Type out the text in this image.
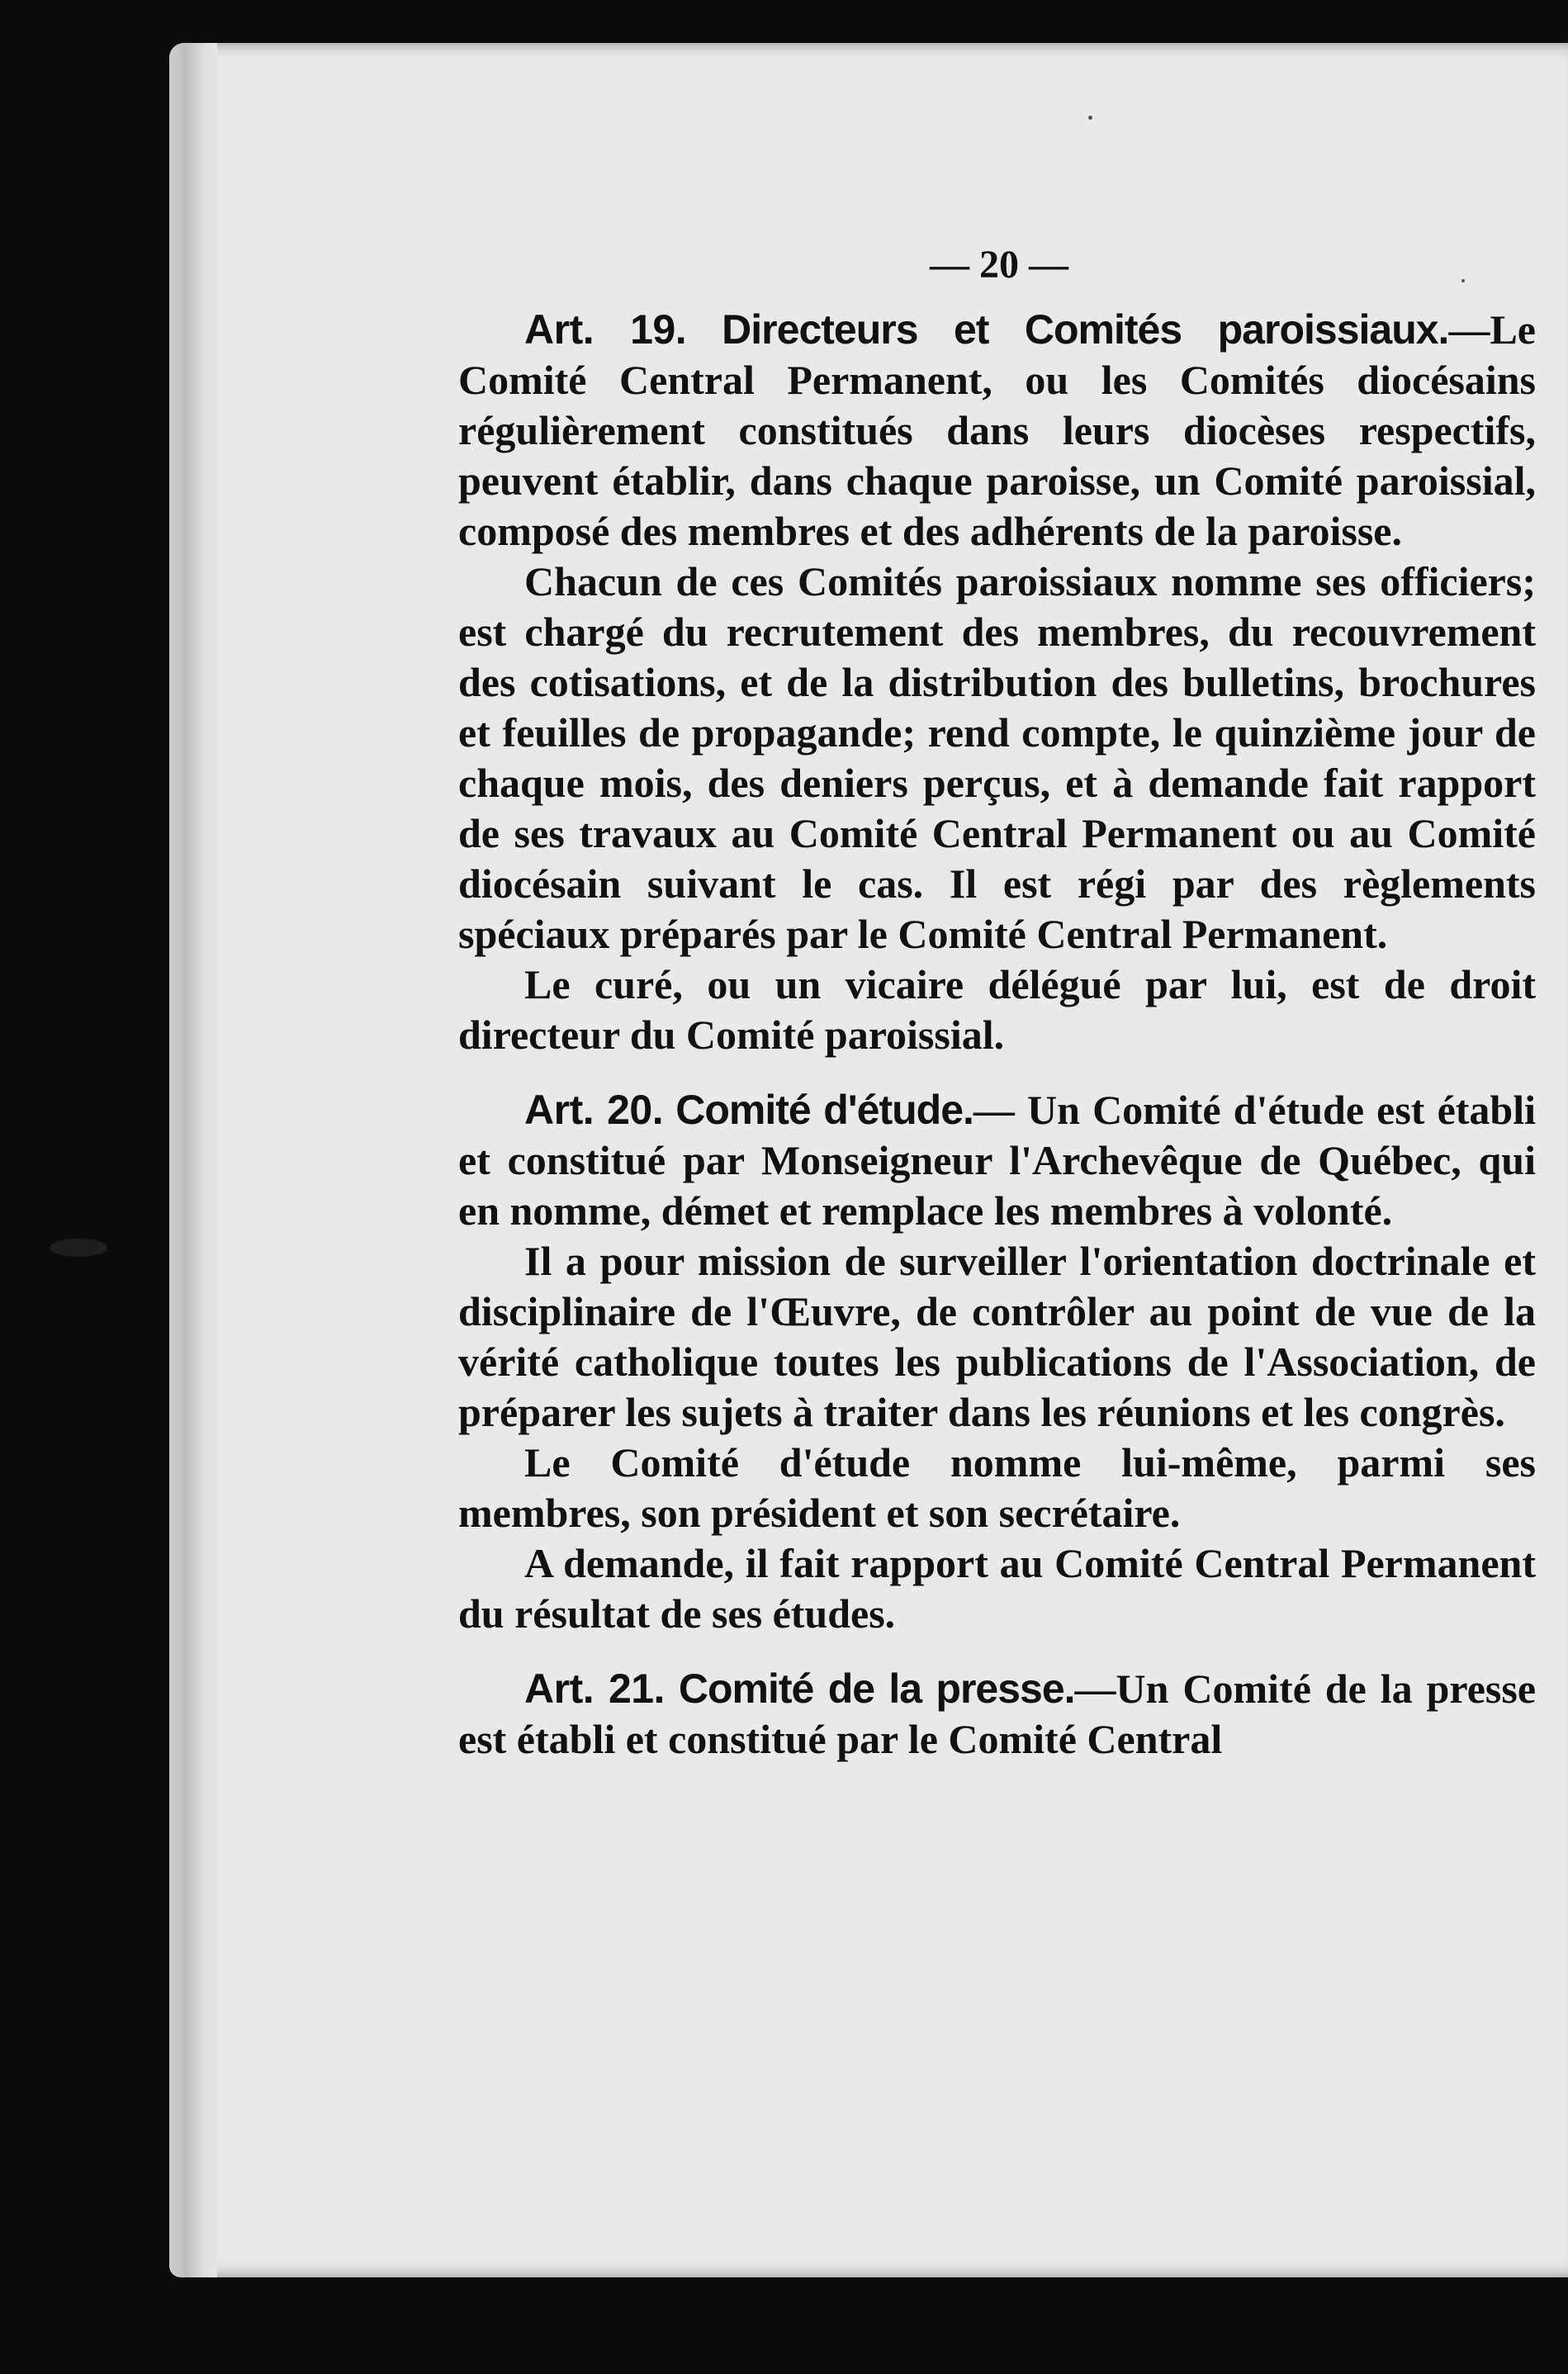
— 20 —

Art. 19. Directeurs et Comités paroissiaux.—Le Comité Central Permanent, ou les Comités diocésains régulièrement constitués dans leurs diocèses respectifs, peuvent établir, dans chaque paroisse, un Comité paroissial, composé des membres et des adhérents de la paroisse.

Chacun de ces Comités paroissiaux nomme ses officiers; est chargé du recrutement des membres, du recouvrement des cotisations, et de la distribution des bulletins, brochures et feuilles de propagande; rend compte, le quinzième jour de chaque mois, des deniers perçus, et à demande fait rapport de ses travaux au Comité Central Permanent ou au Comité diocésain suivant le cas. Il est régi par des règlements spéciaux préparés par le Comité Central Permanent.

Le curé, ou un vicaire délégué par lui, est de droit directeur du Comité paroissial.

Art. 20. Comité d'étude.— Un Comité d'étude est établi et constitué par Monseigneur l'Archevêque de Québec, qui en nomme, démet et remplace les membres à volonté.

Il a pour mission de surveiller l'orientation doctrinale et disciplinaire de l'Œuvre, de contrôler au point de vue de la vérité catholique toutes les publications de l'Association, de préparer les sujets à traiter dans les réunions et les congrès.

Le Comité d'étude nomme lui-même, parmi ses membres, son président et son secrétaire.

A demande, il fait rapport au Comité Central Permanent du résultat de ses études.

Art. 21. Comité de la presse.—Un Comité de la presse est établi et constitué par le Comité Central
